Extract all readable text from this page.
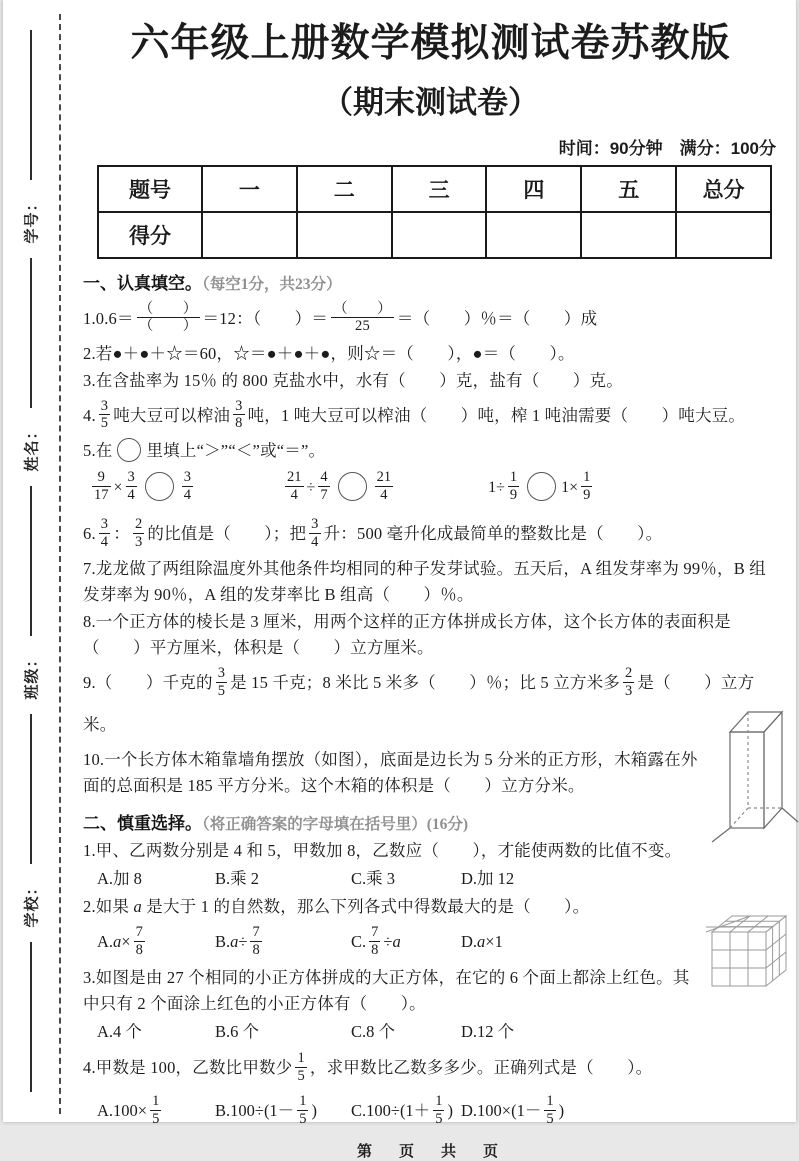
学号：
姓名：
班级：
学校：
六年级上册数学模拟测试卷苏教版
（期末测试卷）
时间：90分钟　满分：100分
题号	一	二	三	四	五	总分
得分						
一、认真填空。（每空1分，共23分）
$1.0.6= \frac{( )}{( )} =12$：（　　）＝ $\frac{( )}{25}$ ＝（　　）％＝（　　）成
2.若●＋●＋☆＝60，☆＝●＋●＋●，则☆＝（　　），●＝（　　）。
3.在含盐率为 15％ 的 800 克盐水中，水有（　　）克，盐有（　　）克。
4. $\frac{3}{5}$ 吨大豆可以榨油 $\frac{3}{8}$ 吨，1 吨大豆可以榨油（　　）吨，榨 1 吨油需要（　　）吨大豆。
5.在 里填上“＞”“＜”或“＝”。
$\frac{9}{17} \times \frac{3}{4}$	$\frac{3}{4}$	$\frac{21}{4} \div \frac{4}{7}$	$\frac{21}{4}$	$1\div \frac{1}{9}$	$1\times \frac{1}{9}$
6. $\frac{3}{4}$ ： $\frac{2}{3}$ 的比值是（　　）；把 $\frac{3}{4}$ 升：500 毫升化成最简单的整数比是（　　）。
7.龙龙做了两组除温度外其他条件均相同的种子发芽试验。五天后，A 组发芽率为 99％，B 组发芽率为 90％，A 组的发芽率比 B 组高（　　）％。
8.一个正方体的棱长是 3 厘米，用两个这样的正方体拼成长方体，这个长方体的表面积是（　　）平方厘米，体积是（　　）立方厘米。
9.（　　）千克的 $\frac{3}{5}$ 是 15 千克；8 米比 5 米多（　　）％；比 5 立方米多 $\frac{2}{3}$ 是（　　）立方米。
10.一个长方体木箱靠墙角摆放（如图），底面是边长为 5 分米的正方形，木箱露在外面的总面积是 185 平方分米。这个木箱的体积是（　　）立方分米。
二、慎重选择。（将正确答案的字母填在括号里）(16分)
1.甲、乙两数分别是 4 和 5，甲数加 8，乙数应（　　），才能使两数的比值不变。
A.加 8	B.乘 2	C.乘 3	D.加 12
2.如果 a 是大于 1 的自然数，那么下列各式中得数最大的是（　　）。
$A.a\times \frac{7}{8}$	$B.a\div \frac{7}{8}$	C. $\frac{7}{8} \div a$	D.a×1
3.如图是由 27 个相同的小正方体拼成的大正方体，在它的 6 个面上都涂上红色。其中只有 2 个面涂上红色的小正方体有（　　）。
A.4 个	B.6 个	C.8 个	D.12 个
4.甲数是 100，乙数比甲数少 $\frac{1}{5}$ ，求甲数比乙数多多少。正确列式是（　　）。
$A.100\times \frac{1}{5}$	$B.100\div(1- \frac{1}{5}$ )	$C.100\div(1+ \frac{1}{5}$ ) $D.100\times(1- \frac{1}{5}$ )
第　页　共　页
